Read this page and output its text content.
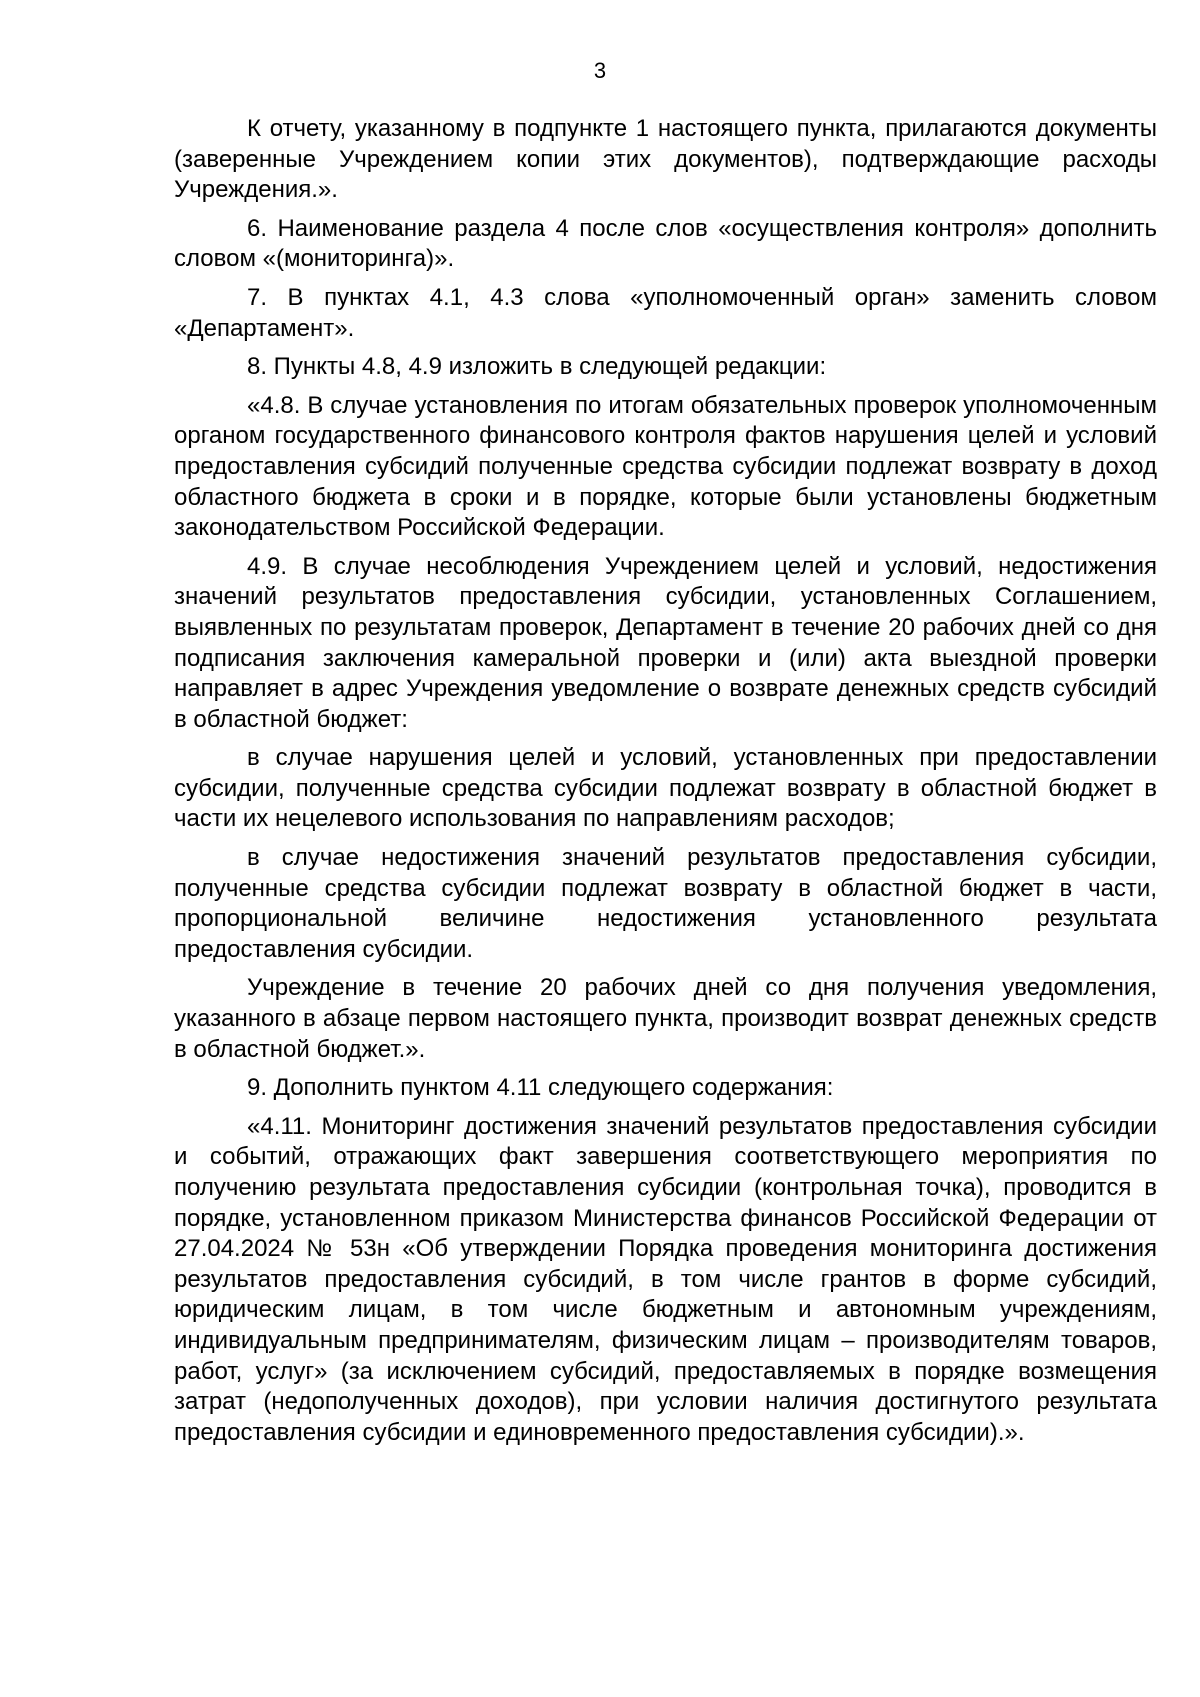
3

К отчету, указанному в подпункте 1 настоящего пункта, прилагаются документы (заверенные Учреждением копии этих документов), подтверждающие расходы Учреждения.».

6. Наименование раздела 4 после слов «осуществления контроля» дополнить словом «(мониторинга)».

7. В пунктах 4.1, 4.3 слова «уполномоченный орган» заменить словом «Департамент».

8. Пункты 4.8, 4.9 изложить в следующей редакции:

«4.8. В случае установления по итогам обязательных проверок уполномоченным органом государственного финансового контроля фактов нарушения целей и условий предоставления субсидий полученные средства субсидии подлежат возврату в доход областного бюджета в сроки и в порядке, которые были установлены бюджетным законодательством Российской Федерации.

4.9. В случае несоблюдения Учреждением целей и условий, недостижения значений результатов предоставления субсидии, установленных Соглашением, выявленных по результатам проверок, Департамент в течение 20 рабочих дней со дня подписания заключения камеральной проверки и (или) акта выездной проверки направляет в адрес Учреждения уведомление о возврате денежных средств субсидий в областной бюджет:

в случае нарушения целей и условий, установленных при предоставлении субсидии, полученные средства субсидии подлежат возврату в областной бюджет в части их нецелевого использования по направлениям расходов;

в случае недостижения значений результатов предоставления субсидии, полученные средства субсидии подлежат возврату в областной бюджет в части, пропорциональной величине недостижения установленного результата предоставления субсидии.

Учреждение в течение 20 рабочих дней со дня получения уведомления, указанного в абзаце первом настоящего пункта, производит возврат денежных средств в областной бюджет.».

9. Дополнить пунктом 4.11 следующего содержания:

«4.11. Мониторинг достижения значений результатов предоставления субсидии и событий, отражающих факт завершения соответствующего мероприятия по получению результата предоставления субсидии (контрольная точка), проводится в порядке, установленном приказом Министерства финансов Российской Федерации от 27.04.2024 № 53н «Об утверждении Порядка проведения мониторинга достижения результатов предоставления субсидий, в том числе грантов в форме субсидий, юридическим лицам, в том числе бюджетным и автономным учреждениям, индивидуальным предпринимателям, физическим лицам – производителям товаров, работ, услуг» (за исключением субсидий, предоставляемых в порядке возмещения затрат (недополученных доходов), при условии наличия достигнутого результата предоставления субсидии и единовременного предоставления субсидии).».
